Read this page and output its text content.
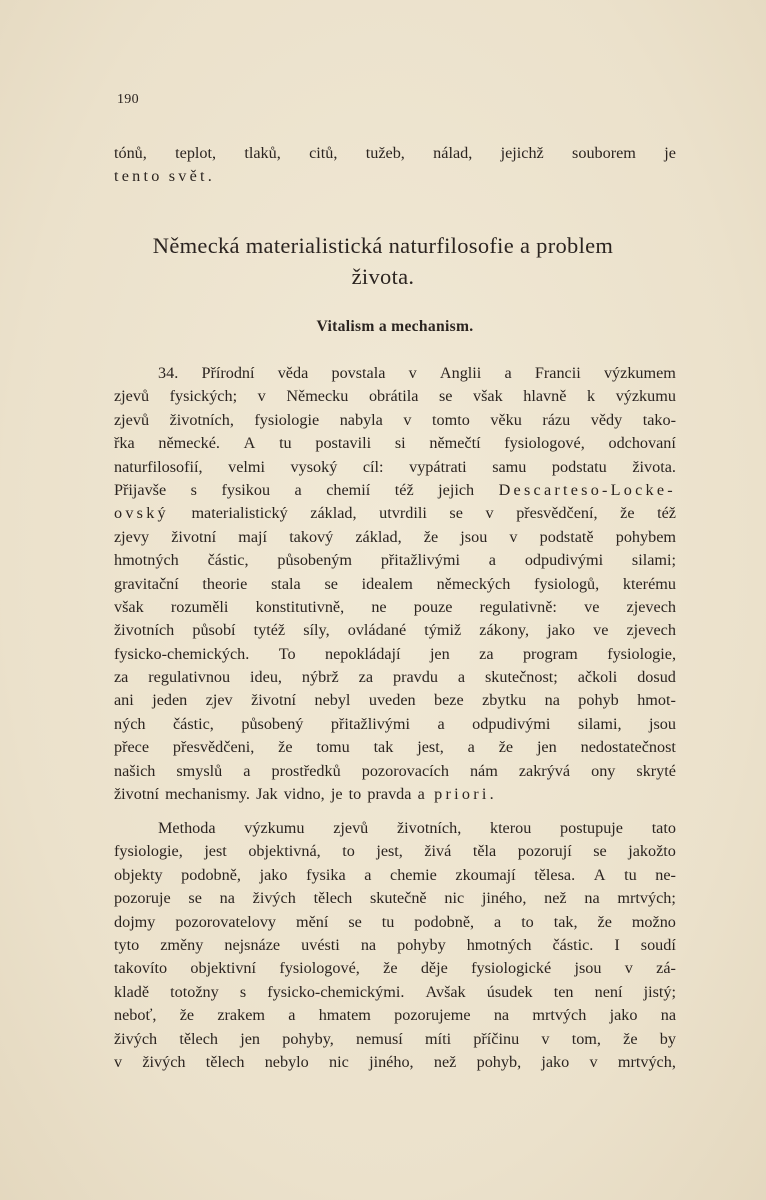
190
tónů, teplot, tlaků, citů, tužeb, nálad, jejichž souborem je
tento svět.
Německá materialistická naturfilosofie a problem
života.
Vitalism a mechanism.
34. Přírodní věda povstala v Anglii a Francii výzkumem
zjevů fysických; v Německu obrátila se však hlavně k výzkumu
zjevů životních, fysiologie nabyla v tomto věku rázu vědy tako-
řka německé. A tu postavili si němečtí fysiologové, odchovaní
naturfilosofií, velmi vysoký cíl: vypátrati samu podstatu života.
Přijavše s fysikou a chemií též jejich Descarteso-Locke-
ovský materialistický základ, utvrdili se v přesvědčení, že též
zjevy životní mají takový základ, že jsou v podstatě pohybem
hmotných částic, působeným přitažlivými a odpudivými silami;
gravitační theorie stala se idealem německých fysiologů, kterému
však rozuměli konstitutivně, ne pouze regulativně: ve zjevech
životních působí tytéž síly, ovládané týmiž zákony, jako ve zjevech
fysicko-chemických. To nepokládají jen za program fysiologie,
za regulativnou ideu, nýbrž za pravdu a skutečnost; ačkoli dosud
ani jeden zjev životní nebyl uveden beze zbytku na pohyb hmot-
ných částic, působený přitažlivými a odpudivými silami, jsou
přece přesvědčeni, že tomu tak jest, a že jen nedostatečnost
našich smyslů a prostředků pozorovacích nám zakrývá ony skryté
životní mechanismy. Jak vidno, je to pravda a priori.
Methoda výzkumu zjevů životních, kterou postupuje tato
fysiologie, jest objektivná, to jest, živá těla pozorují se jakožto
objekty podobně, jako fysika a chemie zkoumají tělesa. A tu ne-
pozoruje se na živých tělech skutečně nic jiného, než na mrtvých;
dojmy pozorovatelovy mění se tu podobně, a to tak, že možno
tyto změny nejsnáze uvésti na pohyby hmotných částic. I soudí
takovíto objektivní fysiologové, že děje fysiologické jsou v zá-
kladě totožny s fysicko-chemickými. Avšak úsudek ten není jistý;
neboť, že zrakem a hmatem pozorujeme na mrtvých jako na
živých tělech jen pohyby, nemusí míti příčinu v tom, že by
v živých tělech nebylo nic jiného, než pohyb, jako v mrtvých,
